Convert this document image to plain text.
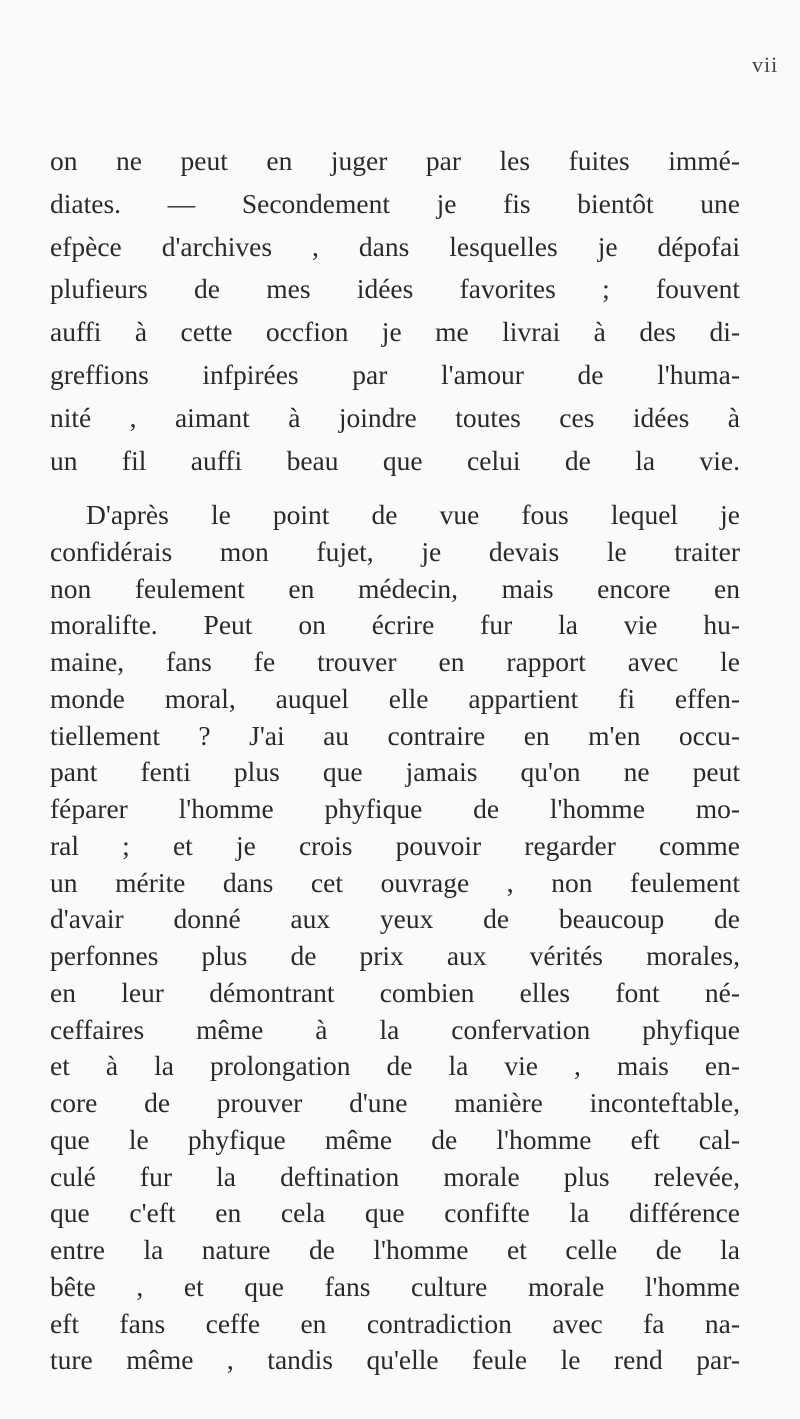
vii
on ne peut en juger par les fuites immé-
diates. — Secondement je fis bientôt une
efpèce d'archives , dans lesquelles je dépofai
plufieurs de mes idées favorites ; fouvent
auffi à cette occfion je me livrai à des di-
greffions infpirées par l'amour de l'huma-
nité , aimant à joindre toutes ces idées à
un fil auffi beau que celui de la vie.
D'après le point de vue fous lequel je
confidérais mon fujet, je devais le traiter
non feulement en médecin, mais encore en
moralifte. Peut on écrire fur la vie hu-
maine, fans fe trouver en rapport avec le
monde moral, auquel elle appartient fi effen-
tiellement ? J'ai au contraire en m'en occu-
pant fenti plus que jamais qu'on ne peut
féparer l'homme phyfique de l'homme mo-
ral ; et je crois pouvoir regarder comme
un mérite dans cet ouvrage , non feulement
d'avair donné aux yeux de beaucoup de
perfonnes plus de prix aux vérités morales,
en leur démontrant combien elles font né-
ceffaires même à la confervation phyfique
et à la prolongation de la vie , mais en-
core de prouver d'une manière inconteftable,
que le phyfique même de l'homme eft cal-
culé fur la deftination morale plus relevée,
que c'eft en cela que confifte la différence
entre la nature de l'homme et celle de la
bête , et que fans culture morale l'homme
eft fans ceffe en contradiction avec fa na-
ture même , tandis qu'elle feule le rend par-
